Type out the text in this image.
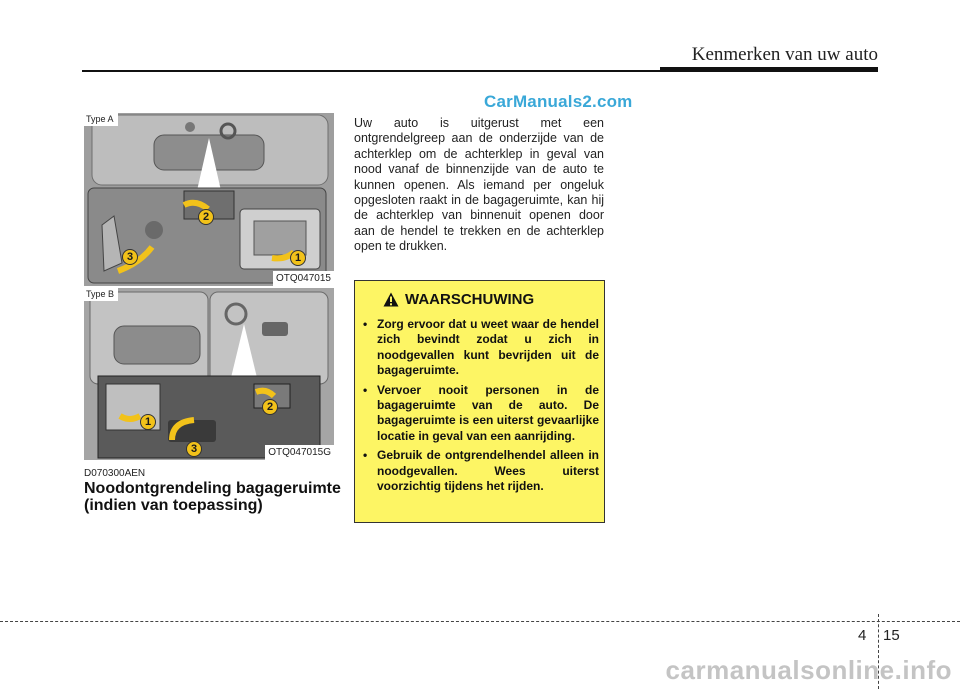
Kenmerken van uw auto
CarManuals2.com
1
2
3
Type A
OTQ047015
1
2
3
Type B
OTQ047015G
D070300AEN
Noodontgrendeling bagageruimte
(indien van toepassing)
Uw auto is uitgerust met een ontgrendelgreep aan de onderzijde van de achterklep om de achterklep in geval van nood vanaf de binnenzijde van de auto te kunnen openen. Als iemand per ongeluk opgesloten raakt in de bagageruimte, kan hij de achterklep van binnenuit openen door aan de hendel te trekken en de achterklep open te drukken.
WAARSCHUWING
• Zorg ervoor dat u weet waar de hendel zich bevindt zodat u zich in noodgevallen kunt bevrijden uit de bagageruimte.
• Vervoer nooit personen in de bagageruimte van de auto. De bagageruimte is een uiterst gevaarlijke locatie in geval van een aanrijding.
• Gebruik de ontgrendelhendel alleen in noodgevallen. Wees uiterst voorzichtig tijdens het rijden.
4 15
carmanualsonline.info
